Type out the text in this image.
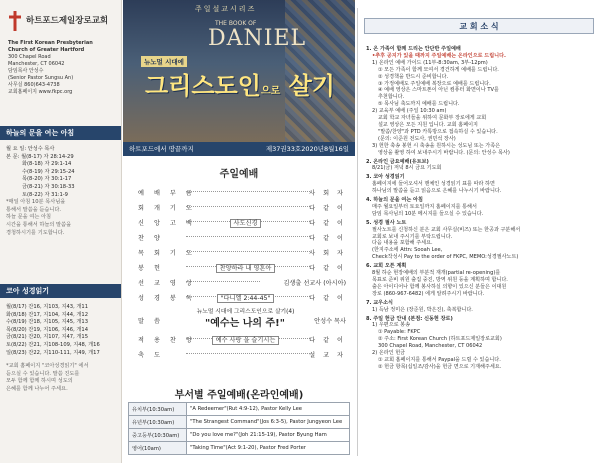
하트포드제일장로교회
The First Korean Presbyterian
Church of Greater Hartford
300 Chapel Road
Manchester, CT 06042
담임목사 안성수
(Senior Pastor Sungsu An)
사무실 860)643-4738
교회홈페이지 www.fkpc.org
하늘의 문을 여는 아침
월 요 일: 안성수 목사
본 문: 월(8-17) 자 28:14-29
화(8-18) 자 29:1-14
수(8-19) 자 29:15-24
목(8-20) 자 30:1-17
금(8-21) 자 30:18-33
토(8-22) 자 31:1-9
*매일 아침 10분 목사님을
통해서 말씀을 듣습니다.
하늘 문을 여는 아침
시간을 통해서 하늘의 말씀을
경청하시기를 기도합니다.
코아 성경읽기
월(8/17) 잔16, 지103, 지43, 개11
화(8/18) 잔17, 지104, 지44, 개12
수(8/19) 잔18, 지105, 지45, 개13
목(8/20) 잔19, 지106, 지46, 개14
금(8/21) 잔20, 지107, 지47, 개15
토(8/22) 잔21, 지108-109, 지48, 개16
일(8/23) 잔22, 지110-111, 지49, 개17
*교회 홈페이지 "코아성경읽기" 에서
듣으실 수 있습니다. 말씀 진도를
모두 함께 함께 하시며 성도의
은혜를 함께 나누어 주세요.
주일설교시리즈
THE BOOK OF
DANIEL
뉴노멀 시대에
그리스도인으로 살기
하트포드에서 땅끝까지	제37권33호2020년8월16일
주일예배
예 배 부 름	사 회 자
회 개 기 도	다 같 이
신 앙 고 백	사도신경	다 같 이
찬 양	다 같 이
목 회 기 도	사 회 자
봉 헌	찬양하라 내 영혼아	다 같 이
선 교 영 상	김생출 선교사 (아시아)
성 경 봉 독	"다니엘 2:44-45"	다 같 이
뉴노멀 시대에 그리스도인으로 살기(4)
말 씀	"예수는 나의 주!"	안성수 목사
적 용 찬 양	예수 사랑 을 슬기시는	다 같 이
축 도	설 교 자
부서별 주일예배(온라인예배)
유치부(10:30am)	"A Redeemer"(Rut 4:9-12), Pastor Kelly Lee
유년부(10:30am)	"The Strangest Command"(Jos 6:3-5), Pastor Jungyeon Lee
중고등부(10:30am)	"Do you love me?"(Joh 21:15-19), Pastor Byung Ham
영어(10am)	"Taking Time"(Act 9:1-20), Pastor Fred Porter
교 회 소 식
1. 온 가족이 함께 드리는 안단반 주일예배
•추후 공지가 있을 때까지 주일예배는 온라인으로 드립니다.
1) 온라인 예배 가이드 (11부-8:30am, 3부-12pm)
① 모든 가족이 함께 모여서 경건하게 예배를 드립니다.
② 성경책을 반드시 준비합니다.
③ 가정예배도 주일예배 복장으로 예배를 드립니다.
④ 예배 영상은 스마트폰이 아닌 컴퓨터 화면이나 TV를
추천합니다.
⑤ 목사님 축도까지 예배를 드립니다.
2) 교육부 예배 (주일 10:30 am)
교회 학교 자녀들을 위하여 문화부 장로에게 교회
설교 영상은 모든 지원 입니다. 교회 홈페이지
"말씀/찬양"과 PTD 카톡방으로 접속하실 수 있습니다.
(문의: 이준원 전도사, 권민석 장사)
3) 헌한 축송 봉헌 시 축송을 원하시는 성도님 또는 가족은
영상을 촬영 하여 보내주시기 바랍니다. (문의: 안성수 목사)
2. 온라인 금요예배(유트브)
8/21(금) 저녁 8시 금요 기도회
3. 코아 성경읽기
홈페이지에 들어오셔서 핸체인 성경읽기 표를 따라 하면
하나님의 말씀을 듣고 읽음으로 은혜를 나누시기 바랍니다.
4. 하늘의 문을 여는 아침
매주 월요일부터 토요일까지 홈페이지를 통해서
담임 목사님의 10분 메시지를 들으실 수 있습니다.
5. 성경 필사 노트
필사노트를 신청하신 분은 교회 사무실(비즈) 또는 한공과 구분해서
교회로 보내 주시기를 부탁드립니다.
다음 내용을 포함해 주세요.
(한지주소에 Attn: Sooah Lee,
Check작성시 Pay to the order of FKPC, MEMO:성경필사노트)
6. 교회 오픈 계획
8월 하순 현장예배의 부분적 재개(partial re-opening)를
목표로 준비 위원 출집 중진, 방역 위원 등을 계획하며 합니다.
출은 아이디어나 함께 봉사하실 의향이 있으신 분들은 이대원
장로 (860-967-6482) 에게 알려주시기 바랍니다.
7. 교우소식
1) 득남 정미은 (장준원, 박은진), 축복합니다.
8. 주일 헌금 안내 (본점: 신동현 장로)
1) 우편으로 봉송
① Payable: FKPC
② 주소: First Korean Church (하트포드제일장로교회)
300 Chapel Road, Manchester, CT 06042
2) 온라인 헌금
① 교회 홈페이지를 통해서 Paypal을 드릴 수 있습니다.
② 헌금 항목(십일조/감사)을 헌금 면으로 기재해주세요.
